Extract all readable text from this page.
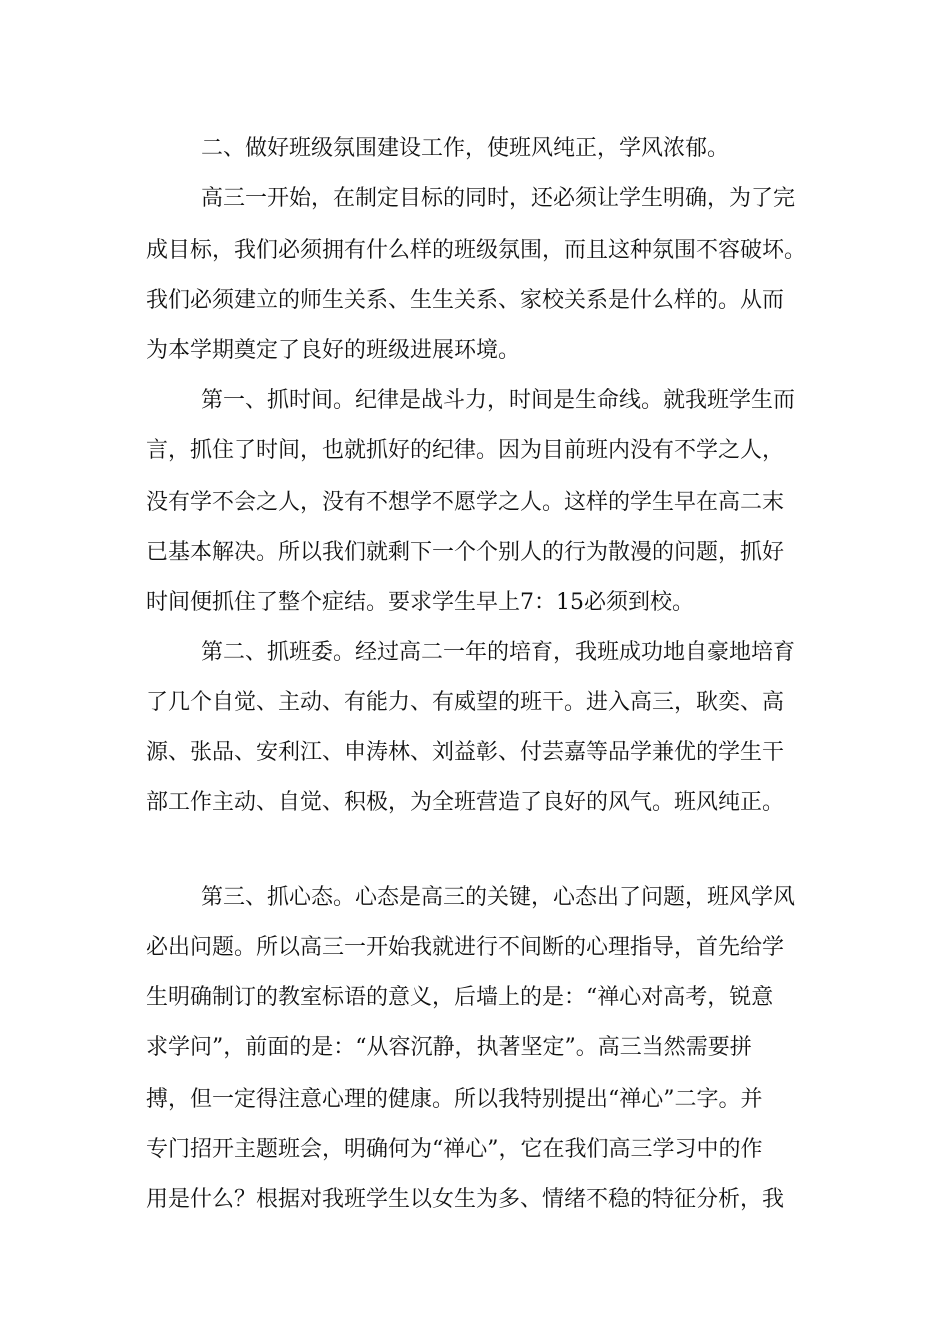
二、做好班级氛围建设工作，使班风纯正，学风浓郁。
高三一开始，在制定目标的同时，还必须让学生明确，为了完
成目标，我们必须拥有什么样的班级氛围，而且这种氛围不容破坏。
我们必须建立的师生关系、生生关系、家校关系是什么样的。从而
为本学期奠定了良好的班级进展环境。
第一、抓时间。纪律是战斗力，时间是生命线。就我班学生而
言，抓住了时间，也就抓好的纪律。因为目前班内没有不学之人，
没有学不会之人，没有不想学不愿学之人。这样的学生早在高二末
已基本解决。所以我们就剩下一个个别人的行为散漫的问题，抓好
时间便抓住了整个症结。要求学生早上7：15必须到校。
第二、抓班委。经过高二一年的培育，我班成功地自豪地培育
了几个自觉、主动、有能力、有威望的班干。进入高三，耿奕、高
源、张品、安利江、申涛林、刘益彰、付芸嘉等品学兼优的学生干
部工作主动、自觉、积极，为全班营造了良好的风气。班风纯正。
第三、抓心态。心态是高三的关键，心态出了问题，班风学风
必出问题。所以高三一开始我就进行不间断的心理指导，首先给学
生明确制订的教室标语的意义，后墙上的是：“禅心对高考，锐意
求学问”，前面的是：“从容沉静，执著坚定”。高三当然需要拼
搏，但一定得注意心理的健康。所以我特别提出“禅心”二字。并
专门招开主题班会，明确何为“禅心”，它在我们高三学习中的作
用是什么？根据对我班学生以女生为多、情绪不稳的特征分析，我
